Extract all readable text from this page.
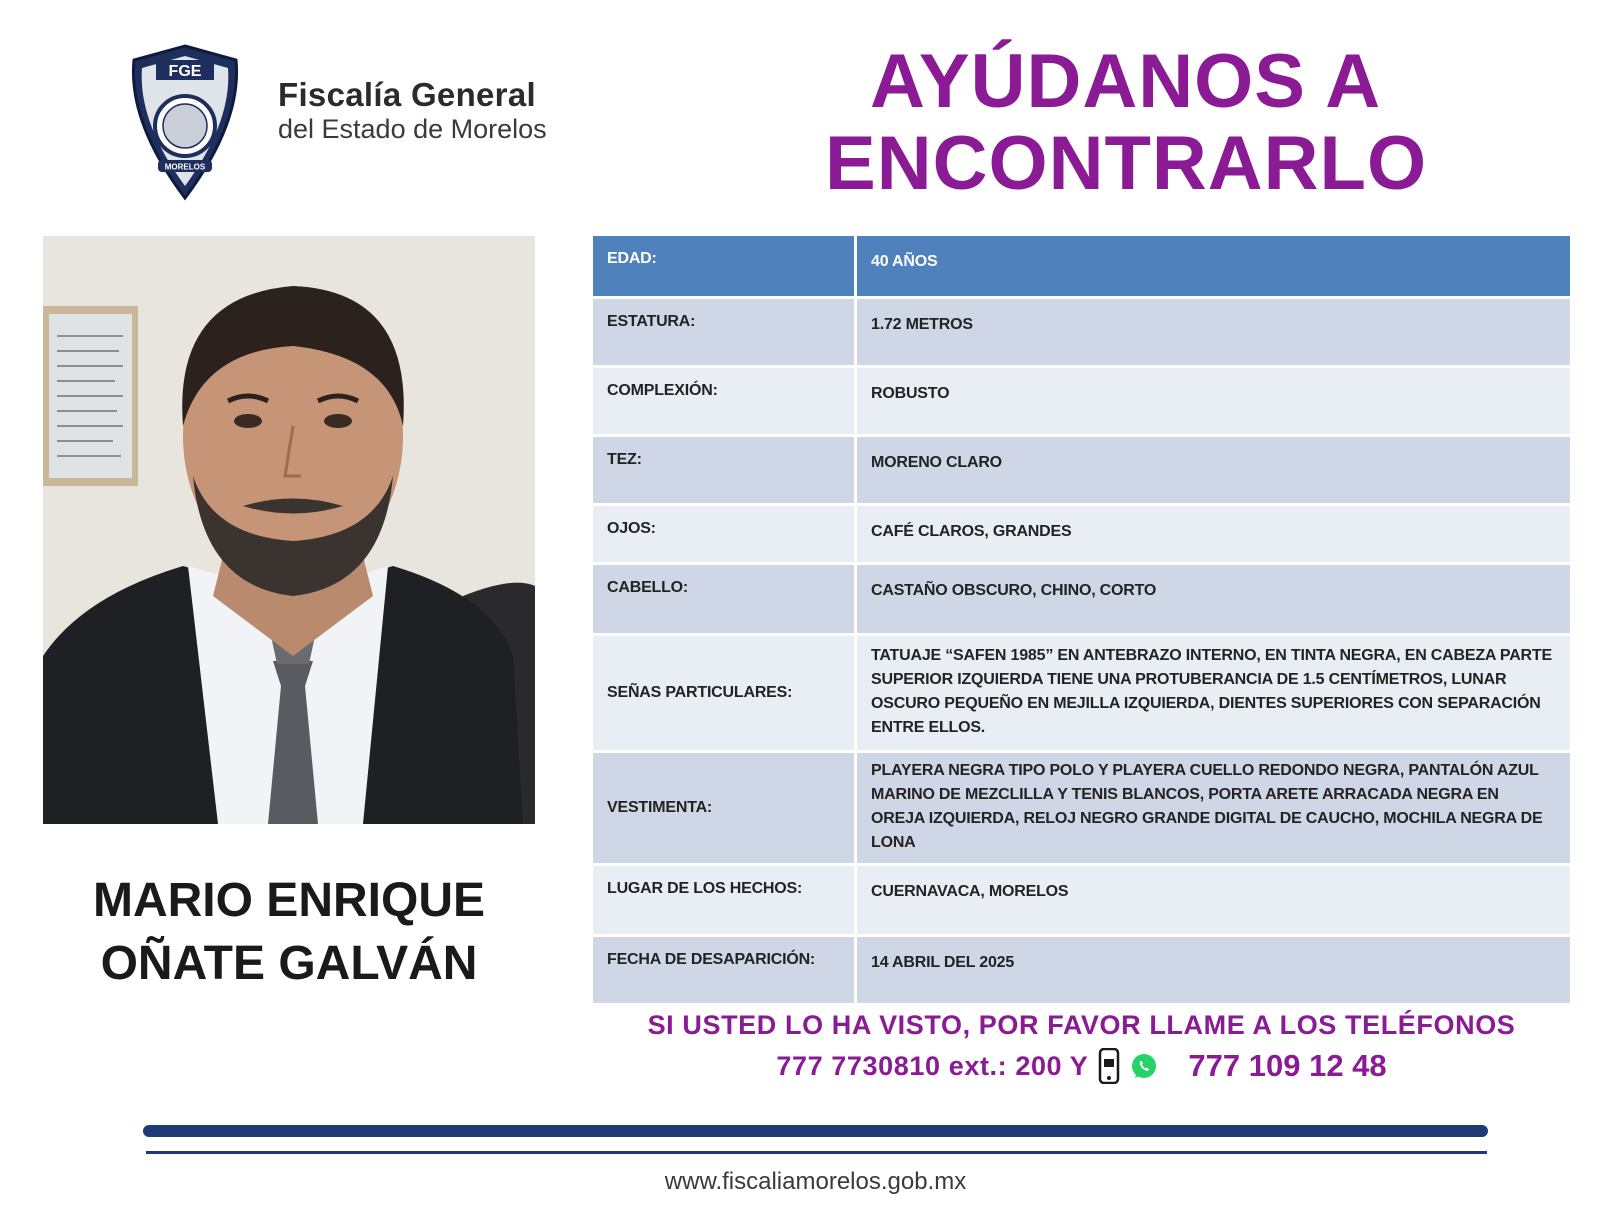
FGE
MORELOS
Fiscalía General
del Estado de Morelos
AYÚDANOS A
ENCONTRARLO
MARIO ENRIQUE
OÑATE GALVÁN
EDAD:	40 AÑOS
ESTATURA:	1.72 METROS
COMPLEXIÓN:	ROBUSTO
TEZ:	MORENO CLARO
OJOS:	CAFÉ CLAROS, GRANDES
CABELLO:	CASTAÑO OBSCURO, CHINO, CORTO
SEÑAS PARTICULARES:
TATUAJE “SAFEN 1985” EN ANTEBRAZO INTERNO, EN TINTA NEGRA, EN CABEZA PARTE SUPERIOR IZQUIERDA TIENE UNA PROTUBERANCIA DE 1.5 CENTÍMETROS, LUNAR OSCURO PEQUEÑO EN MEJILLA IZQUIERDA, DIENTES SUPERIORES CON SEPARACIÓN ENTRE ELLOS.
VESTIMENTA:
PLAYERA NEGRA TIPO POLO Y PLAYERA CUELLO REDONDO NEGRA, PANTALÓN AZUL MARINO DE MEZCLILLA Y TENIS BLANCOS, PORTA ARETE ARRACADA NEGRA EN OREJA IZQUIERDA, RELOJ NEGRO GRANDE DIGITAL DE CAUCHO, MOCHILA NEGRA DE LONA
LUGAR DE LOS HECHOS:	CUERNAVACA, MORELOS
FECHA DE DESAPARICIÓN:	14 ABRIL DEL 2025
SI USTED LO HA VISTO, POR FAVOR LLAME A LOS TELÉFONOS
777 7730810 ext.: 200 Y	777 109 12 48
www.fiscaliamorelos.gob.mx
